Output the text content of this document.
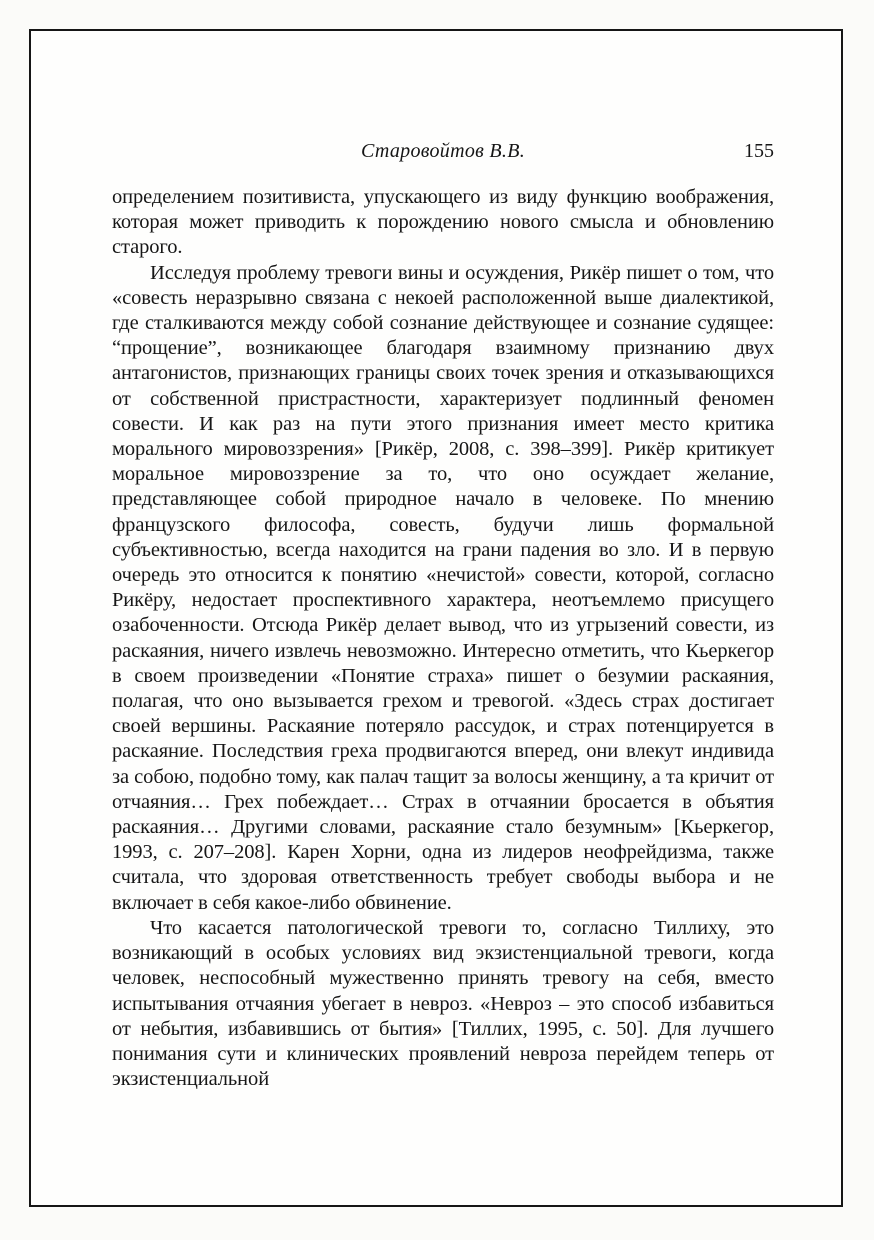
Старовойтов В.В.	155

определением позитивиста, упускающего из виду функцию воображения, которая может приводить к порождению нового смысла и обновлению старого.

Исследуя проблему тревоги вины и осуждения, Рикёр пишет о том, что «совесть неразрывно связана с некоей расположенной выше диалектикой, где сталкиваются между собой сознание действующее и сознание судящее: “прощение”, возникающее благодаря взаимному признанию двух антагонистов, признающих границы своих точек зрения и отказывающихся от собственной пристрастности, характеризует подлинный феномен совести. И как раз на пути этого признания имеет место критика морального мировоззрения» [Рикёр, 2008, с. 398–399]. Рикёр критикует моральное мировоззрение за то, что оно осуждает желание, представляющее собой природное начало в человеке. По мнению французского философа, совесть, будучи лишь формальной субъективностью, всегда находится на грани падения во зло. И в первую очередь это относится к понятию «нечистой» совести, которой, согласно Рикёру, недостает проспективного характера, неотъемлемо присущего озабоченности. Отсюда Рикёр делает вывод, что из угрызений совести, из раскаяния, ничего извлечь невозможно. Интересно отметить, что Кьеркегор в своем произведении «Понятие страха» пишет о безумии раскаяния, полагая, что оно вызывается грехом и тревогой. «Здесь страх достигает своей вершины. Раскаяние потеряло рассудок, и страх потенцируется в раскаяние. Последствия греха продвигаются вперед, они влекут индивида за собою, подобно тому, как палач тащит за волосы женщину, а та кричит от отчаяния… Грех побеждает… Страх в отчаянии бросается в объятия раскаяния… Другими словами, раскаяние стало безумным» [Кьеркегор, 1993, с. 207–208]. Карен Хорни, одна из лидеров неофрейдизма, также считала, что здоровая ответственность требует свободы выбора и не включает в себя какое-либо обвинение.

Что касается патологической тревоги то, согласно Тиллиху, это возникающий в особых условиях вид экзистенциальной тревоги, когда человек, неспособный мужественно принять тревогу на себя, вместо испытывания отчаяния убегает в невроз. «Невроз – это способ избавиться от небытия, избавившись от бытия» [Тиллих, 1995, с. 50]. Для лучшего понимания сути и клинических проявлений невроза перейдем теперь от экзистенциальной
